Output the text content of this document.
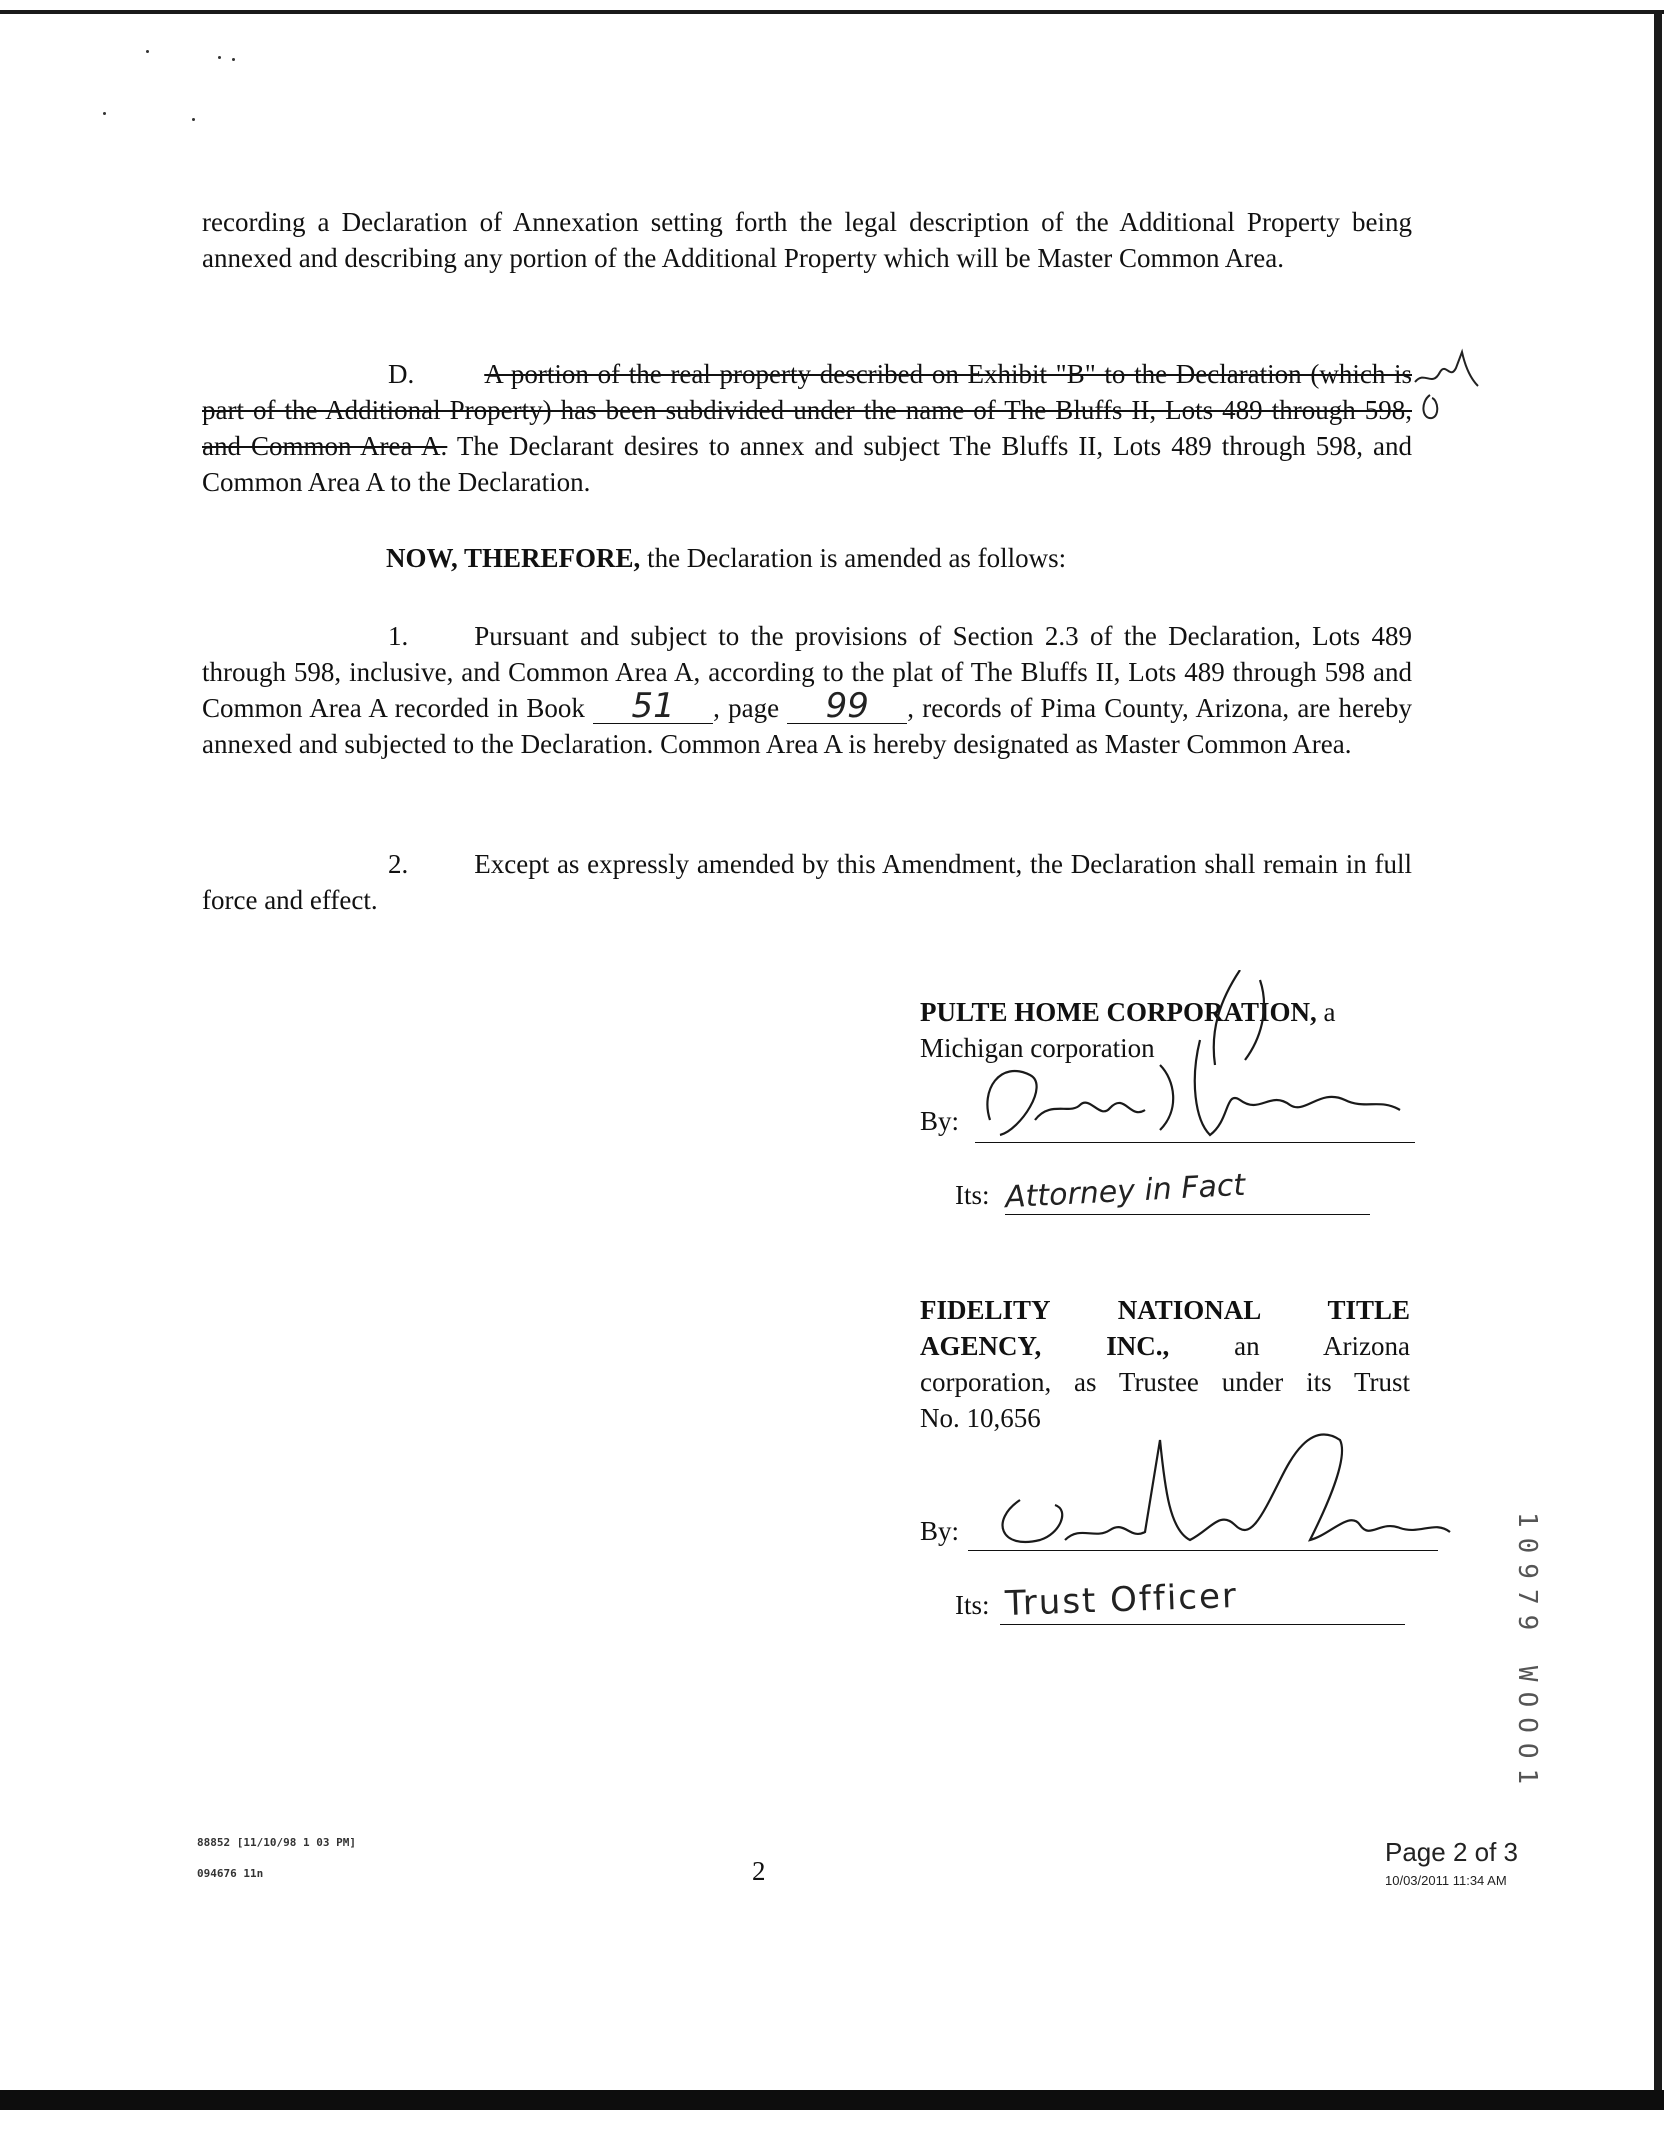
recording a Declaration of Annexation setting forth the legal description of the Additional Property being annexed and describing any portion of the Additional Property which will be Master Common Area.

D.	A portion of the real property described on Exhibit "B" to the Declaration (which is part of the Additional Property) has been subdivided under the name of The Bluffs II, Lots 489 through 598, and Common Area A. The Declarant desires to annex and subject The Bluffs II, Lots 489 through 598, and Common Area A to the Declaration.

NOW, THEREFORE, the Declaration is amended as follows:

1. Pursuant and subject to the provisions of Section 2.3 of the Declaration, Lots 489 through 598, inclusive, and Common Area A, according to the plat of The Bluffs II, Lots 489 through 598 and Common Area A recorded in Book 51 , page 99 , records of Pima County, Arizona, are hereby annexed and subjected to the Declaration. Common Area A is hereby designated as Master Common Area.

2. Except as expressly amended by this Amendment, the Declaration shall remain in full force and effect.

PULTE HOME CORPORATION, a
Michigan corporation
By:
Its: Attorney in Fact
FIDELITY NATIONAL TITLE
AGENCY, INC., an Arizona
corporation, as Trustee under its Trust
No. 10,656
By:
Its: Trust Officer
88852 [11/10/98 1 03 PM]
094676 11n	2
10979 WOOO1
Page 2 of 3
10/03/2011 11:34 AM
